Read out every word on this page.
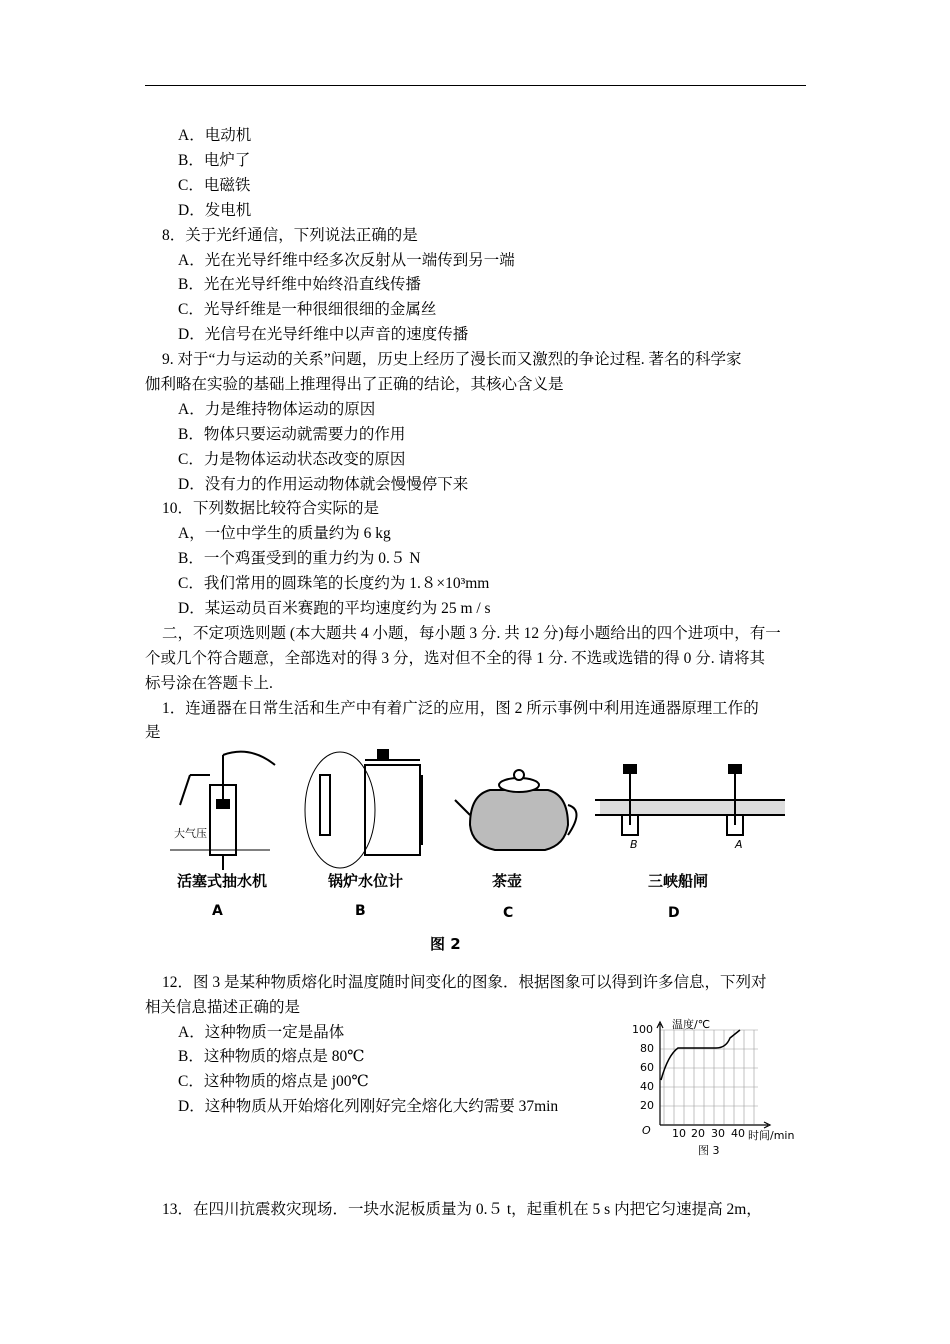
A．电动机
B．电炉了
C．电磁铁
D．发电机
8．关于光纤通信，下列说法正确的是
A．光在光导纤维中经多次反射从一端传到另一端
B．光在光导纤维中始终沿直线传播
C．光导纤维是一种很细很细的金属丝
D．光信号在光导纤维中以声音的速度传播
9. 对于“力与运动的关系”问题，历史上经历了漫长而又激烈的争论过程. 著名的科学家
伽利略在实验的基础上推理得出了正确的结论，其核心含义是
A．力是维持物体运动的原因
B．物体只要运动就需要力的作用
C．力是物体运动状态改变的原因
D．没有力的作用运动物体就会慢慢停下来
10．下列数据比较符合实际的是
A，一位中学生的质量约为 6 kg
B．一个鸡蛋受到的重力约为 0.５ N
C．我们常用的圆珠笔的长度约为 1.８×10³mm
D．某运动员百米赛跑的平均速度约为 25 m / s
二，不定项选则题 (本大题共 4 小题，每小题 3 分. 共 12 分)每小题给出的四个进项中，有一
个或几个符合题意，全部选对的得 3 分，选对但不全的得 1 分. 不选或选错的得 0 分. 请将其
标号涂在答题卡上.
1．连通器在日常生活和生产中有着广泛的应用，图 2 所示事例中利用连通器原理工作的
是
大气压
B	A
活塞式抽水机	锅炉水位计	茶壶	三峡船闸
A	B	C	D
图 2
12．图 3 是某种物质熔化时温度随时间变化的图象．根据图象可以得到许多信息，下列对
相关信息描述正确的是
A．这种物质一定是晶体
B．这种物质的熔点是 80℃
C．这种物质的熔点是 j00℃
D．这种物质从开始熔化列刚好完全熔化大约需要 37min
温度/℃
100
80
60
40
20
O 10 20 30 40 时间/min
图 3
13．在四川抗震救灾现场．一块水泥板质量为 0.５ t，起重机在 5 s 内把它匀速提高 2m，
